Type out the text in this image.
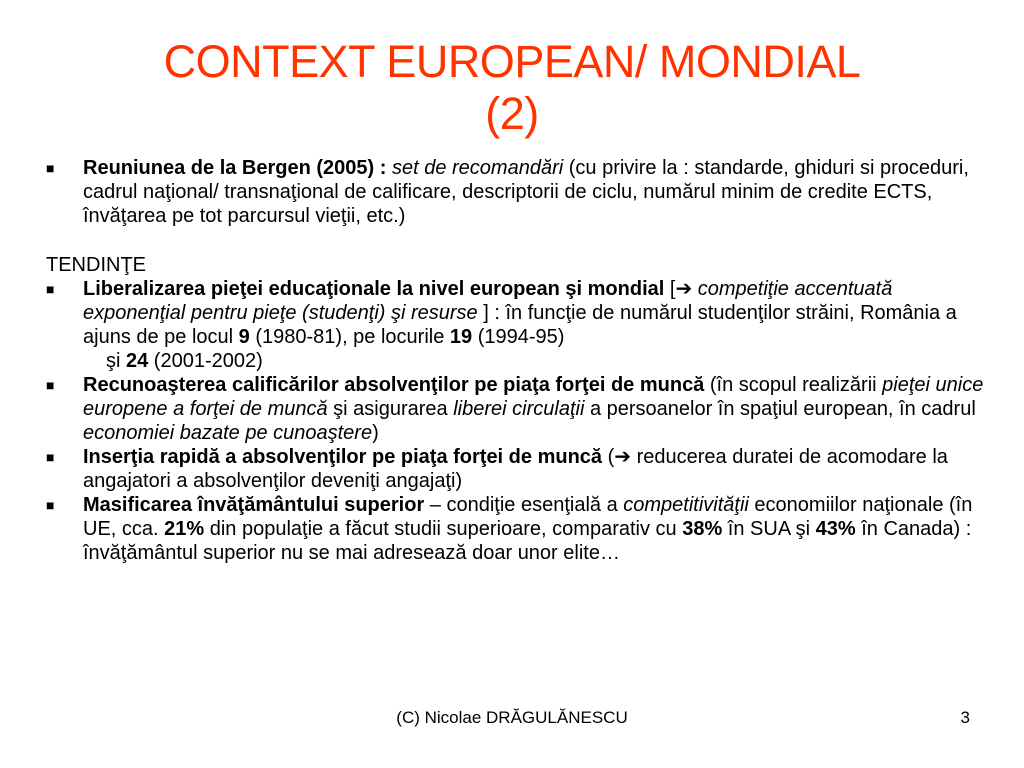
CONTEXT EUROPEAN/ MONDIAL
(2)
■ Reuniunea de la Bergen (2005) : set de recomandări (cu privire la : standarde, ghiduri si proceduri, cadrul naţional/ transnaţional de calificare, descriptorii de ciclu, numărul minim de credite ECTS, învăţarea pe tot parcursul vieţii, etc.)
TENDINŢE
■ Liberalizarea pieţei educaţionale la nivel european şi mondial [➔ competiţie accentuată exponenţial pentru pieţe (studenţi) şi resurse ] : în funcţie de numărul studenţilor străini, România a ajuns de pe locul 9 (1980-81), pe locurile 19 (1994-95)
şi 24 (2001-2002)
■ Recunoaşterea calificărilor absolvenţilor pe piaţa forţei de muncă (în scopul realizării pieţei unice europene a forţei de muncă şi asigurarea liberei circulaţii a persoanelor în spaţiul european, în cadrul economiei bazate pe cunoaştere)
■ Inserţia rapidă a absolvenţilor pe piaţa forţei de muncă (➔ reducerea duratei de acomodare la angajatori a absolvenţilor deveniţi angajaţi)
■ Masificarea învăţământului superior – condiţie esenţială a competitivităţii economiilor naţionale (în UE, cca. 21% din populaţie a făcut studii superioare, comparativ cu 38% în SUA şi 43% în Canada) : învăţământul superior nu se mai adresează doar unor elite…
(C) Nicolae DRĂGULĂNESCU	3
